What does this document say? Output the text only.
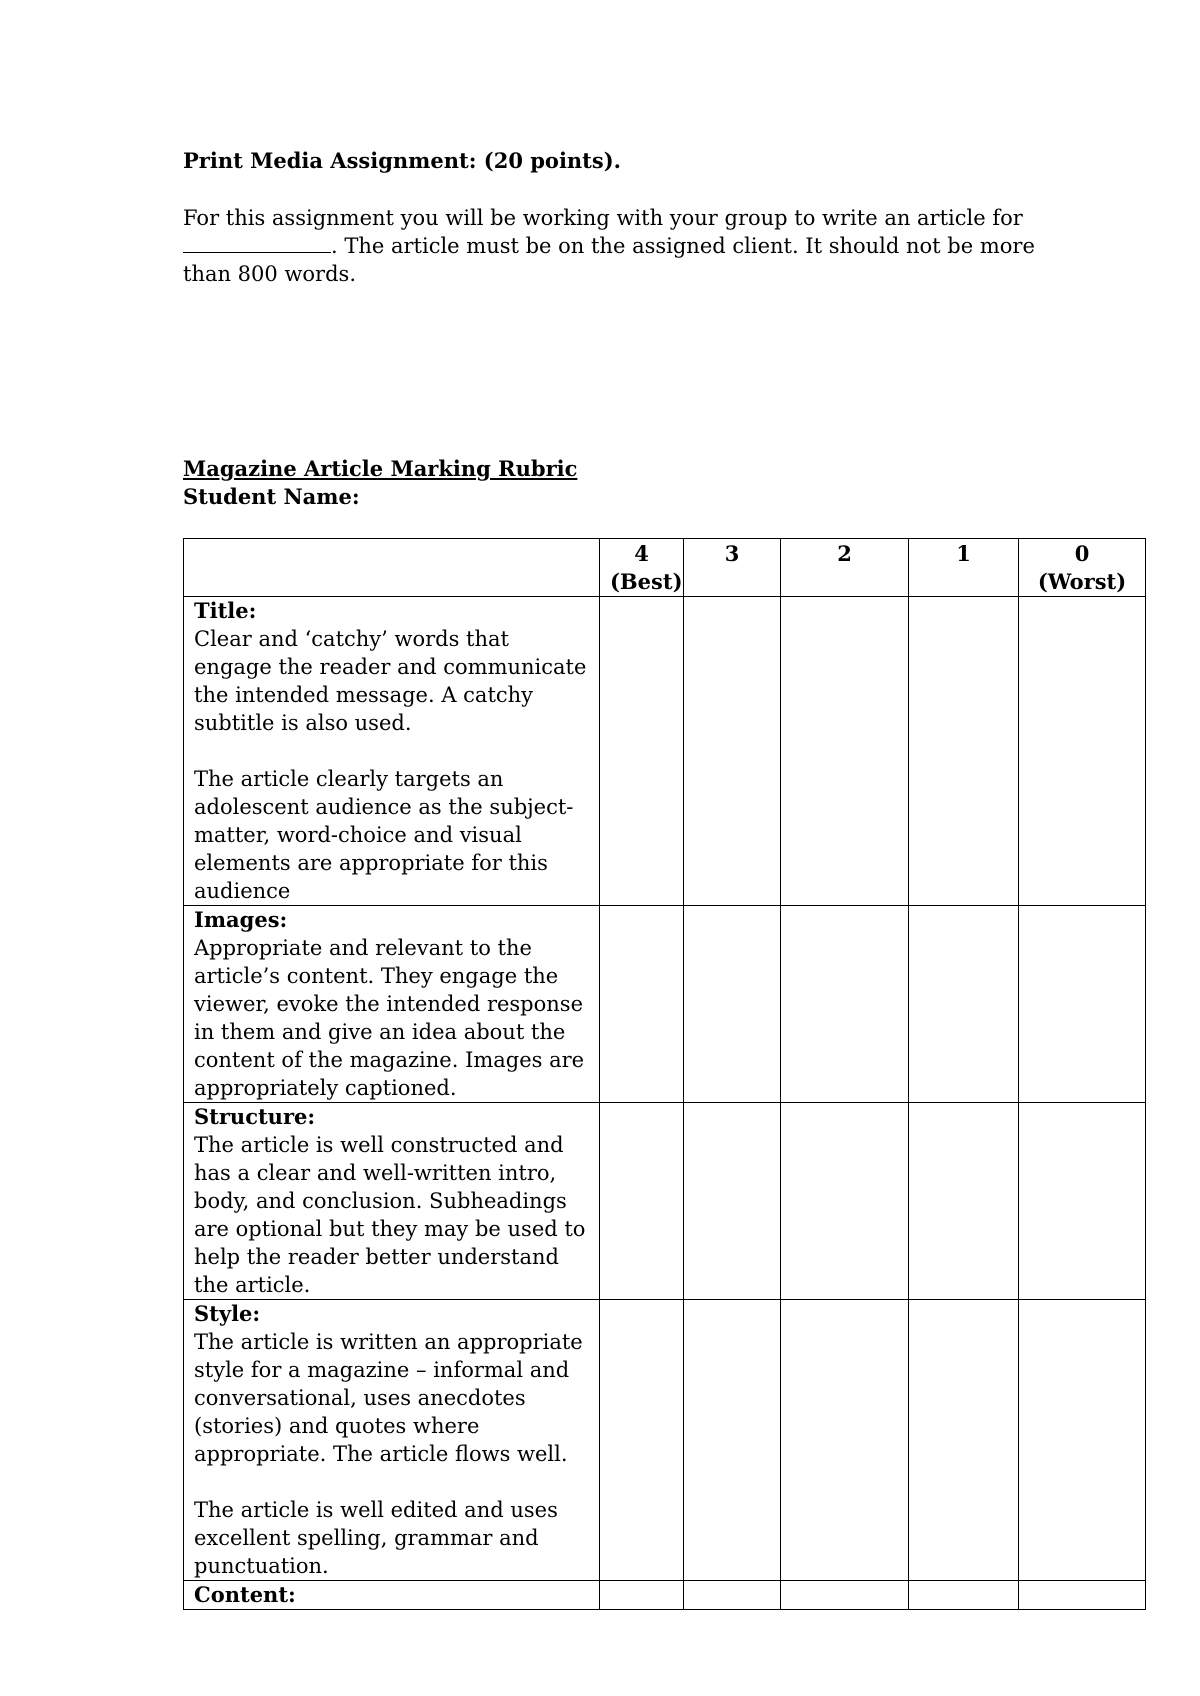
Print Media Assignment: (20 points).

For this assignment you will be working with your group to write an article for
. The article must be on the assigned client. It should not be more than 800 words.

Magazine Article Marking Rubric

Student Name:

	4 (Best)	3	2	1	0 (Worst)

Title:
Clear and ‘catchy’ words that engage the reader and communicate the intended message. A catchy subtitle is also used.
The article clearly targets an adolescent audience as the subject-matter, word-choice and visual elements are appropriate for this audience					

Images:
Appropriate and relevant to the article’s content. They engage the viewer, evoke the intended response in them and give an idea about the content of the magazine. Images are appropriately captioned.					

Structure:
The article is well constructed and has a clear and well-written intro, body, and conclusion. Subheadings are optional but they may be used to help the reader better understand the article.					

Style:
The article is written an appropriate style for a magazine – informal and conversational, uses anecdotes (stories) and quotes where appropriate. The article flows well.
The article is well edited and uses excellent spelling, grammar and punctuation.					

Content:					
